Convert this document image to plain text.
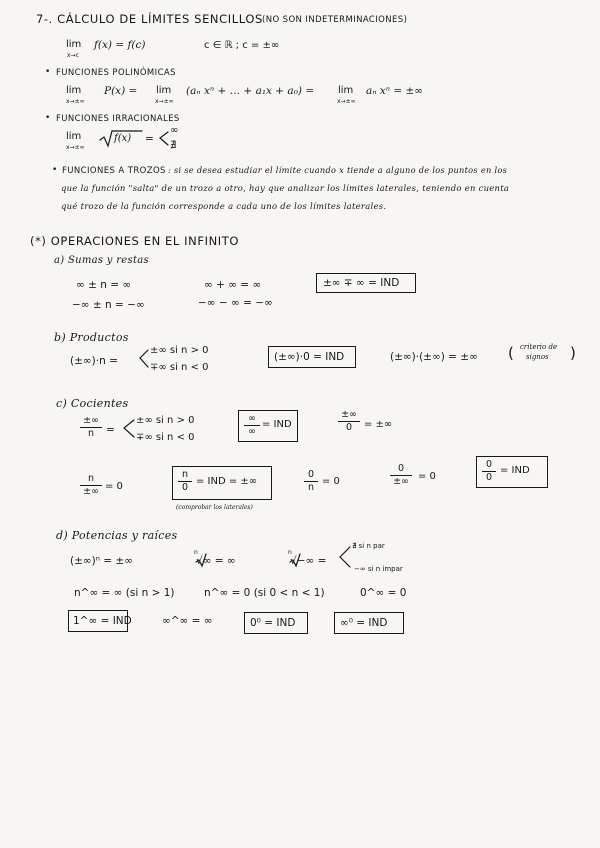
7-. CÁLCULO DE LÍMITES SENCILLOS (NO SON INDETERMINACIONES)
lim
x→c
f(x) = f(c)	c ∈ ℝ ; c = ±∞
• FUNCIONES POLINÓMICAS
lim
x→±∞
P(x) = lim
x→±∞
(aₙ xⁿ + … + a₁x + a₀) = lim
x→±∞
aₙ xⁿ = ±∞
• FUNCIONES IRRACIONALES
lim
x→±∞
f(x) =
∞
∄
• FUNCIONES A TROZOS : si se desea estudiar el límite cuando x tiende a alguno de los puntos en los
que la función "salta" de un trozo a otro, hay que analizar los límites laterales, teniendo en cuenta
qué trozo de la función corresponde a cada uno de los límites laterales.
(*) OPERACIONES EN EL INFINITO
a) Sumas y restas
∞ ± n = ∞	∞ + ∞ = ∞	±∞ ∓ ∞ = IND
−∞ ± n = −∞	−∞ − ∞ = −∞
b) Productos
(±∞)·n =
±∞ si n > 0
∓∞ si n < 0
(±∞)·0 = IND	(±∞)·(±∞) = ±∞
criterio de
signos
(	)
c) Cocientes
±∞
n =
±∞ si n > 0
∓∞ si n < 0
∞
∞
= IND
±∞
0 = ±∞
n
±∞ = 0
n
0 = IND = ±∞
(comprobar los laterales)
0
n = 0
0
±∞ = 0
0
0
= IND
d) Potencias y raíces
(±∞)ⁿ = ±∞
n
√∞ = ∞
n
√−∞ =
∄ si n par
−∞ si n impar
n^∞ = ∞ (si n > 1)	n^∞ = 0 (si 0 < n < 1)	0^∞ = 0
1^∞ = IND	∞^∞ = ∞	0⁰ = IND	∞⁰ = IND
